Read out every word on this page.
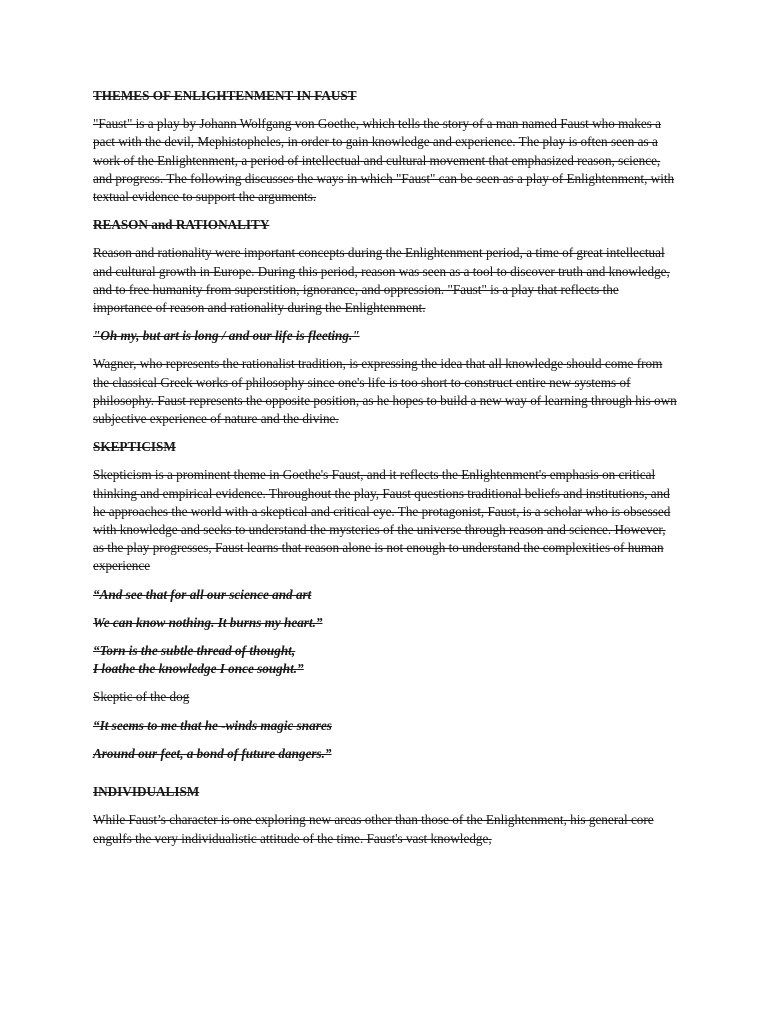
THEMES OF ENLIGHTENMENT IN FAUST

"Faust" is a play by Johann Wolfgang von Goethe, which tells the story of a man named Faust who makes a pact with the devil, Mephistopheles, in order to gain knowledge and experience. The play is often seen as a work of the Enlightenment, a period of intellectual and cultural movement that emphasized reason, science, and progress. The following discusses the ways in which "Faust" can be seen as a play of Enlightenment, with textual evidence to support the arguments.

REASON and RATIONALITY

Reason and rationality were important concepts during the Enlightenment period, a time of great intellectual and cultural growth in Europe. During this period, reason was seen as a tool to discover truth and knowledge, and to free humanity from superstition, ignorance, and oppression. "Faust" is a play that reflects the importance of reason and rationality during the Enlightenment.

"Oh my, but art is long / and our life is fleeting."

Wagner, who represents the rationalist tradition, is expressing the idea that all knowledge should come from the classical Greek works of philosophy since one's life is too short to construct entire new systems of philosophy. Faust represents the opposite position, as he hopes to build a new way of learning through his own subjective experience of nature and the divine.

SKEPTICISM

Skepticism is a prominent theme in Goethe's Faust, and it reflects the Enlightenment's emphasis on critical thinking and empirical evidence. Throughout the play, Faust questions traditional beliefs and institutions, and he approaches the world with a skeptical and critical eye. The protagonist, Faust, is a scholar who is obsessed with knowledge and seeks to understand the mysteries of the universe through reason and science. However, as the play progresses, Faust learns that reason alone is not enough to understand the complexities of human experience

“And see that for all our science and art
We can know nothing. It burns my heart.”
“Torn is the subtle thread of thought,
I loathe the knowledge I once sought.”
Skeptic of the dog
“It seems to me that he -winds magic snares
Around our feet, a bond of future dangers.”
INDIVIDUALISM

While Faust’s character is one exploring new areas other than those of the Enlightenment, his general core engulfs the very individualistic attitude of the time. Faust's vast knowledge,
